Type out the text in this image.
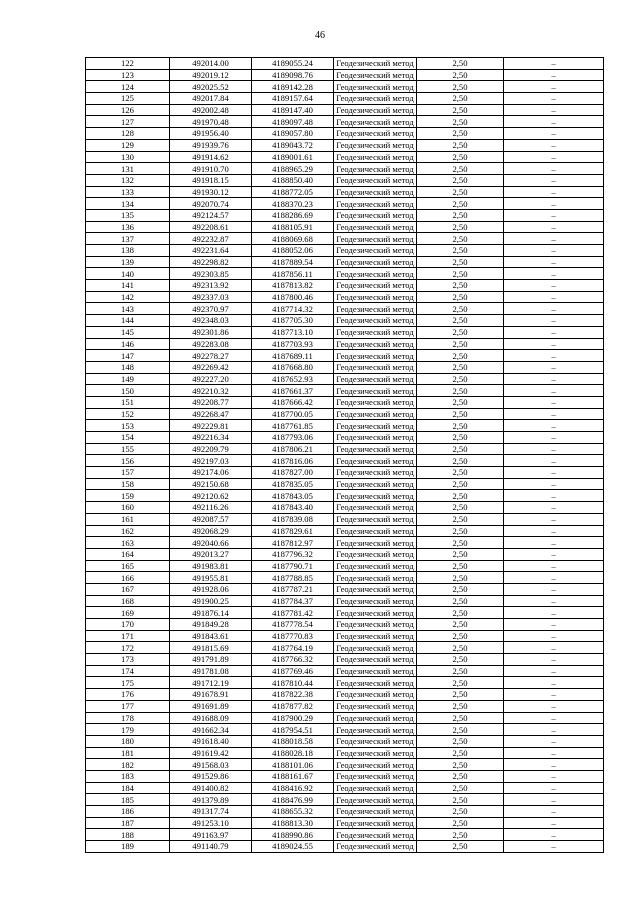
46
122	492014.00	4189055.24	Геодезический метод	2,50	–
123	492019.12	4189098.76	Геодезический метод	2,50	–
124	492025.52	4189142.28	Геодезический метод	2,50	–
125	492017.84	4189157.64	Геодезический метод	2,50	–
126	492002.48	4189147.40	Геодезический метод	2,50	–
127	491970.48	4189097.48	Геодезический метод	2,50	–
128	491956.40	4189057.80	Геодезический метод	2,50	–
129	491939.76	4189043.72	Геодезический метод	2,50	–
130	491914.62	4189001.61	Геодезический метод	2,50	–
131	491910.70	4188965.29	Геодезический метод	2,50	–
132	491918.15	4188850.40	Геодезический метод	2,50	–
133	491930.12	4188772.05	Геодезический метод	2,50	–
134	492070.74	4188370.23	Геодезический метод	2,50	–
135	492124.57	4188286.69	Геодезический метод	2,50	–
136	492208.61	4188105.91	Геодезический метод	2,50	–
137	492232.87	4188069.68	Геодезический метод	2,50	–
138	492231.64	4188052.06	Геодезический метод	2,50	–
139	492298.82	4187889.54	Геодезический метод	2,50	–
140	492303.85	4187856.11	Геодезический метод	2,50	–
141	492313.92	4187813.82	Геодезический метод	2,50	–
142	492337.03	4187800.46	Геодезический метод	2,50	–
143	492370.97	4187714.32	Геодезический метод	2,50	–
144	492348.03	4187705.30	Геодезический метод	2,50	–
145	492301.86	4187713.10	Геодезический метод	2,50	–
146	492283.08	4187703.93	Геодезический метод	2,50	–
147	492278.27	4187689.11	Геодезический метод	2,50	–
148	492269.42	4187668.80	Геодезический метод	2,50	–
149	492227.20	4187652.93	Геодезический метод	2,50	–
150	492210.32	4187661.37	Геодезический метод	2,50	–
151	492208.77	4187666.42	Геодезический метод	2,50	–
152	492268.47	4187700.05	Геодезический метод	2,50	–
153	492229.81	4187761.85	Геодезический метод	2,50	–
154	492216.34	4187793.06	Геодезический метод	2,50	–
155	492209.79	4187806.21	Геодезический метод	2,50	–
156	492197.03	4187816.06	Геодезический метод	2,50	–
157	492174.06	4187827.00	Геодезический метод	2,50	–
158	492150.68	4187835.05	Геодезический метод	2,50	–
159	492120.62	4187843.05	Геодезический метод	2,50	–
160	492116.26	4187843.40	Геодезический метод	2,50	–
161	492087.57	4187839.08	Геодезический метод	2,50	–
162	492068.29	4187829.61	Геодезический метод	2,50	–
163	492040.66	4187812.97	Геодезический метод	2,50	–
164	492013.27	4187796.32	Геодезический метод	2,50	–
165	491983.81	4187790.71	Геодезический метод	2,50	–
166	491955.81	4187788.85	Геодезический метод	2,50	–
167	491928.06	4187787.21	Геодезический метод	2,50	–
168	491900.25	4187784.37	Геодезический метод	2,50	–
169	491876.14	4187781.42	Геодезический метод	2,50	–
170	491849.28	4187778.54	Геодезический метод	2,50	–
171	491843.61	4187770.83	Геодезический метод	2,50	–
172	491815.69	4187764.19	Геодезический метод	2,50	–
173	491791.89	4187766.32	Геодезический метод	2,50	–
174	491781.08	4187769.46	Геодезический метод	2,50	–
175	491712.19	4187810.44	Геодезический метод	2,50	–
176	491678.91	4187822.38	Геодезический метод	2,50	–
177	491691.89	4187877.82	Геодезический метод	2,50	–
178	491688.09	4187900.29	Геодезический метод	2,50	–
179	491662.34	4187954.51	Геодезический метод	2,50	–
180	491618.40	4188018.58	Геодезический метод	2,50	–
181	491619.42	4188028.18	Геодезический метод	2,50	–
182	491568.03	4188101.06	Геодезический метод	2,50	–
183	491529.86	4188161.67	Геодезический метод	2,50	–
184	491400.82	4188416.92	Геодезический метод	2,50	–
185	491379.89	4188476.99	Геодезический метод	2,50	–
186	491317.74	4188655.32	Геодезический метод	2,50	–
187	491253.10	4188813.30	Геодезический метод	2,50	–
188	491163.97	4188990.86	Геодезический метод	2,50	–
189	491140.79	4189024.55	Геодезический метод	2,50	–
